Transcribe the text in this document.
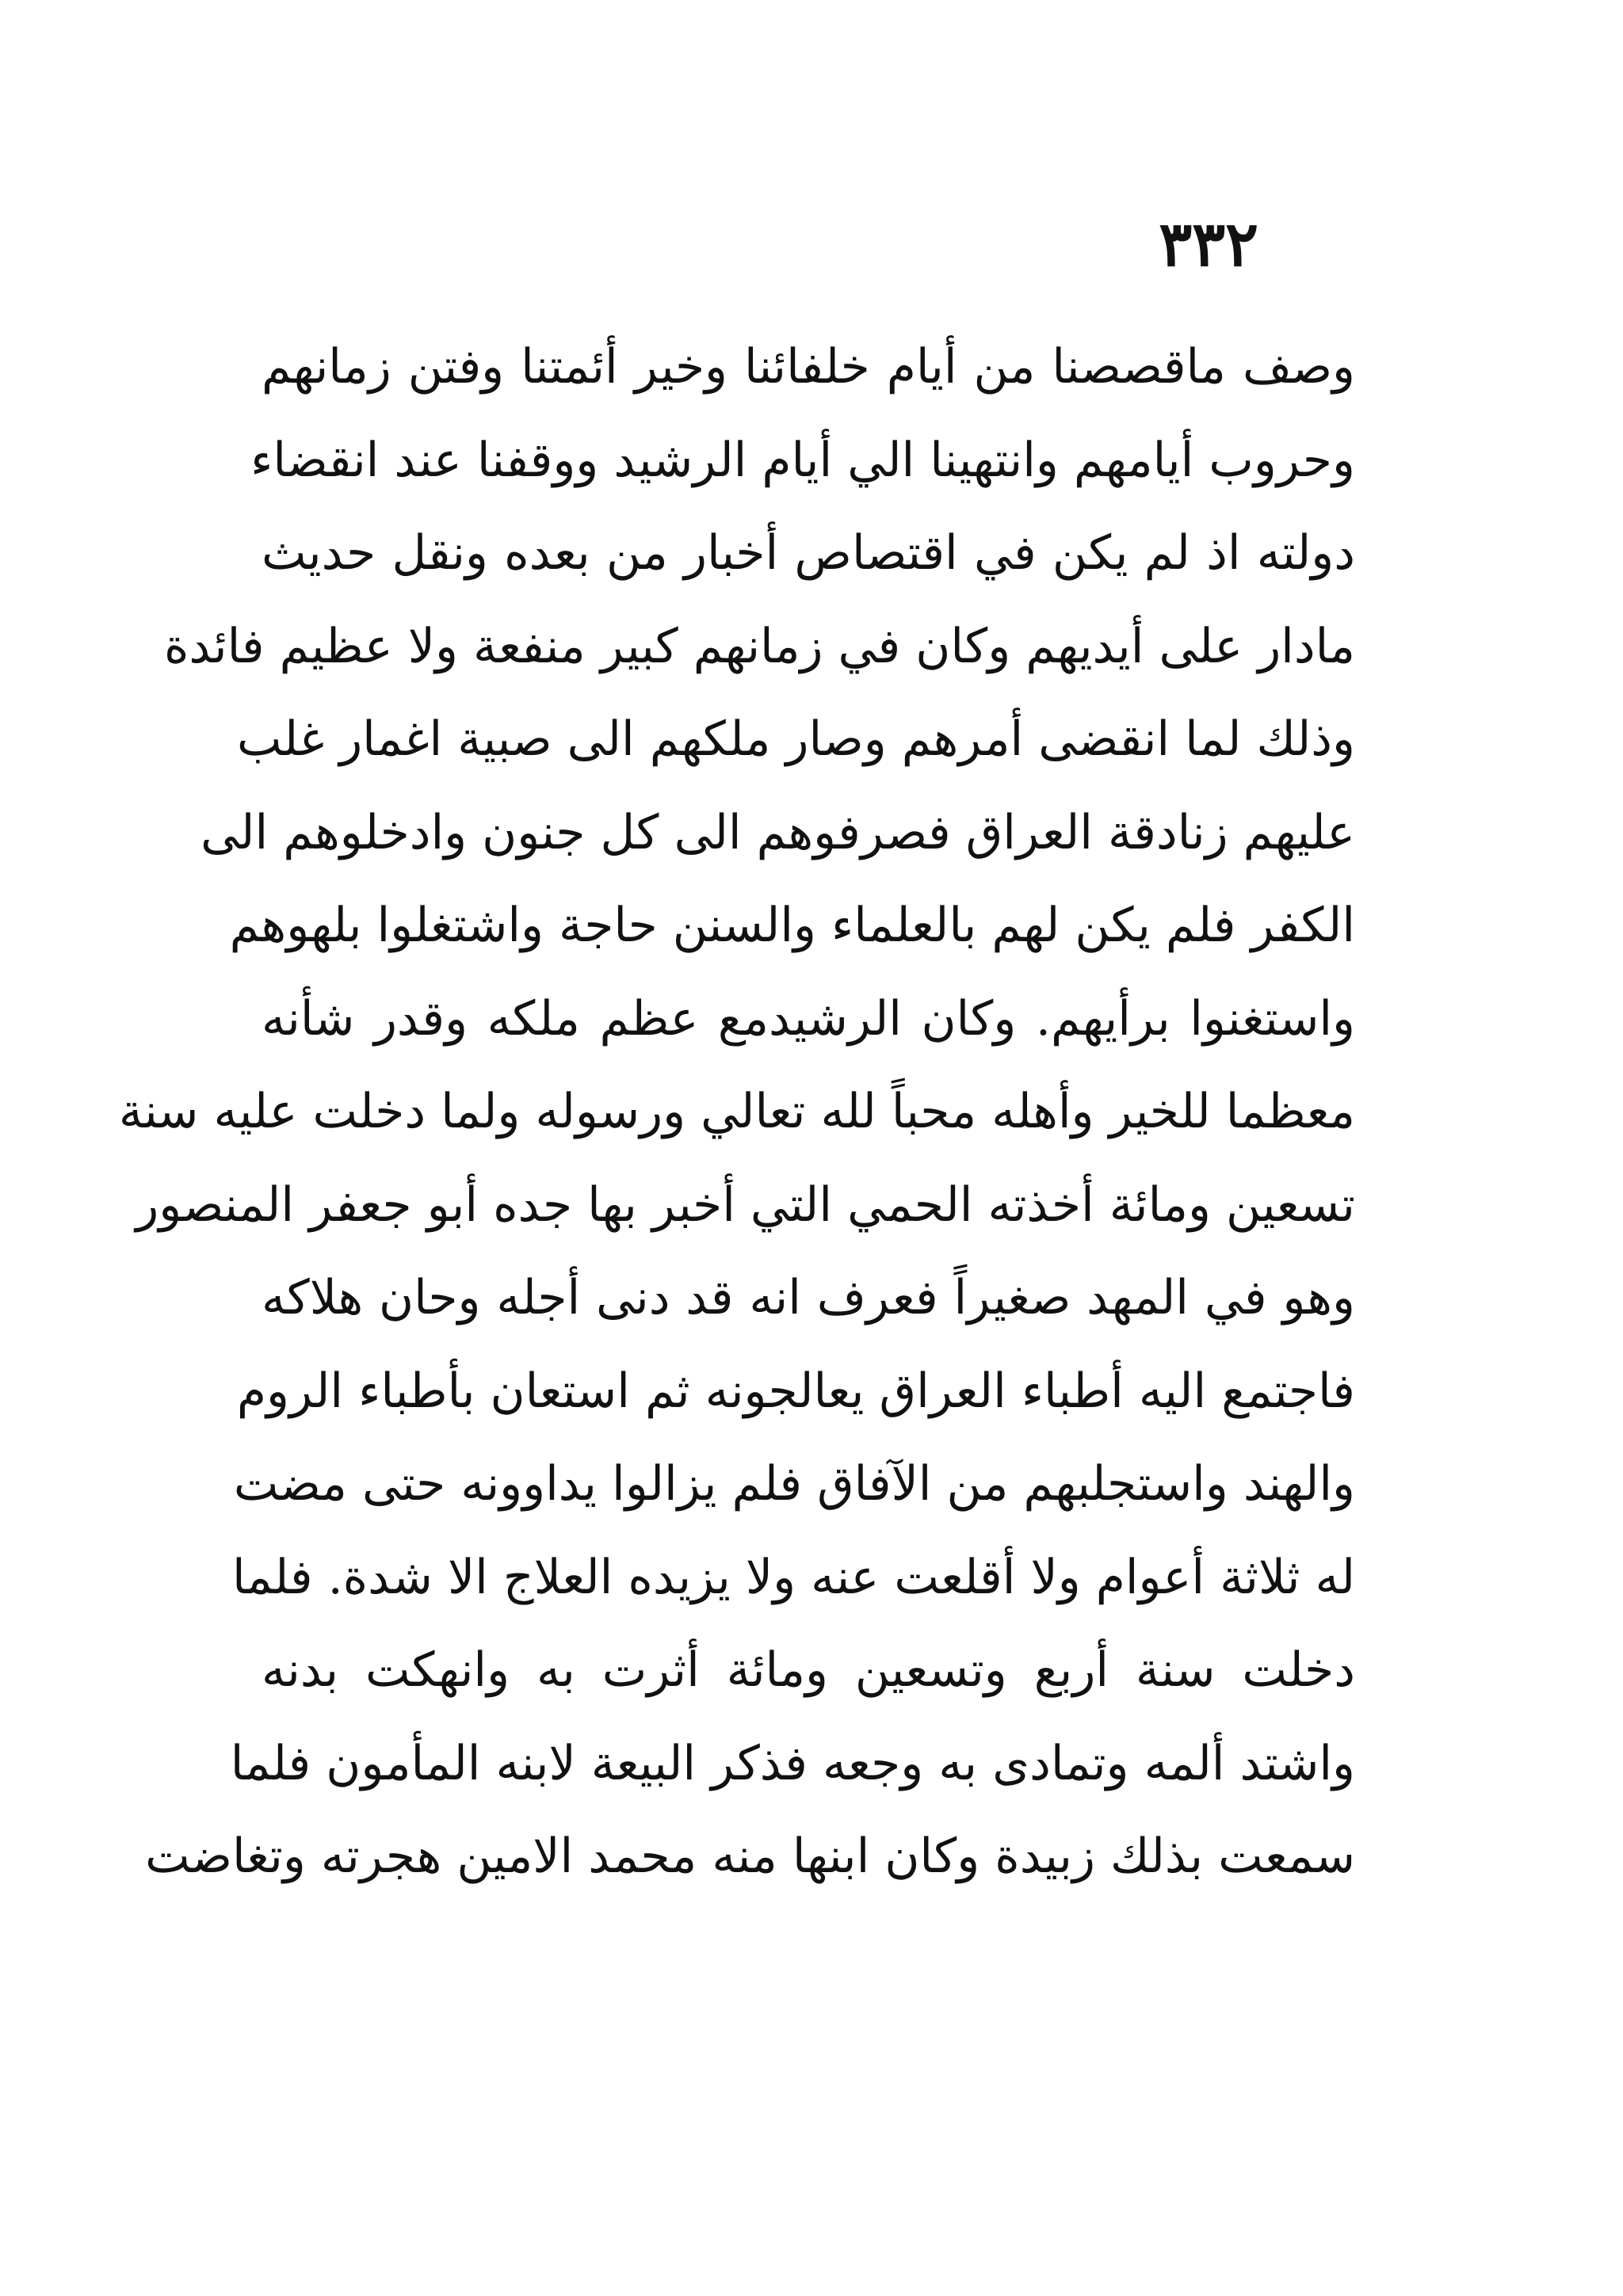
٣٣٢
وصف ماقصصنا من أيام خلفائنا وخير أئمتنا وفتن زمانهم
وحروب أيامهم وانتهينا الي أيام الرشيد ووقفنا عند انقضاء
دولته اذ لم يكن في اقتصاص أخبار من بعده ونقل حديث
مادار على أيديهم وكان في زمانهم كبير منفعة ولا عظيم فائدة
وذلك لما انقضى أمرهم وصار ملكهم الى صبية اغمار غلب
عليهم زنادقة العراق فصرفوهم الى كل جنون وادخلوهم الى
الكفر فلم يكن لهم بالعلماء والسنن حاجة واشتغلوا بلهوهم
واستغنوا برأيهم. وكان الرشيدمع عظم ملكه وقدر شأنه
معظما للخير وأهله محباً لله تعالي ورسوله ولما دخلت عليه سنة
تسعين ومائة أخذته الحمي التي أخبر بها جده أبو جعفر المنصور
وهو في المهد صغيراً فعرف انه قد دنى أجله وحان هلاكه
فاجتمع اليه أطباء العراق يعالجونه ثم استعان بأطباء الروم
والهند واستجلبهم من الآفاق فلم يزالوا يداوونه حتى مضت
له ثلاثة أعوام ولا أقلعت عنه ولا يزيده العلاج الا شدة. فلما
دخلت سنة أربع وتسعين ومائة أثرت به وانهكت بدنه
واشتد ألمه وتمادى به وجعه فذكر البيعة لابنه المأمون فلما
سمعت بذلك زبيدة وكان ابنها منه محمد الامين هجرته وتغاضت
